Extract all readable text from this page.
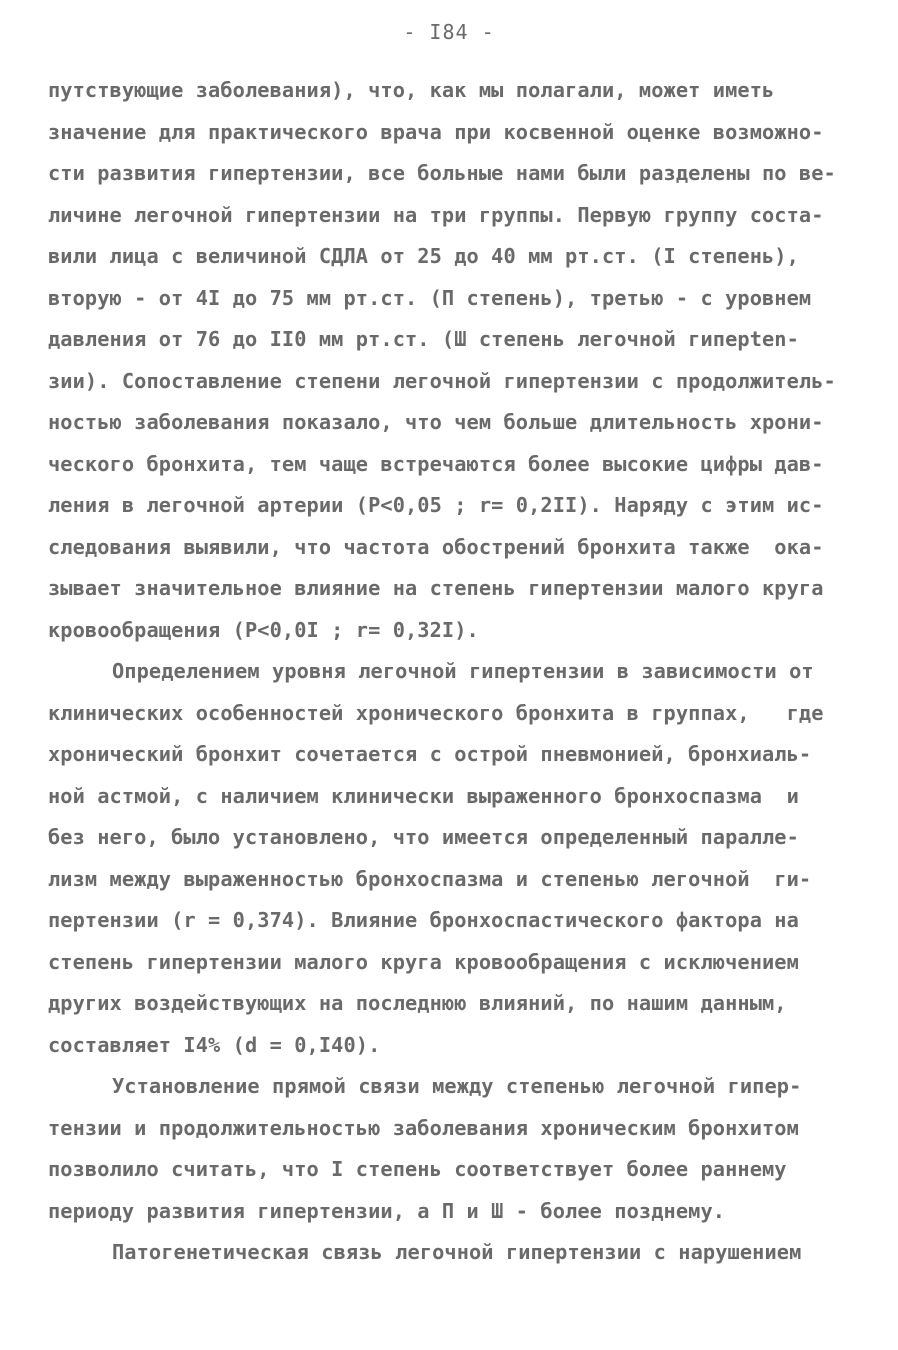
- I84 -
путствующие заболевания), что, как мы полагали, может иметь
значение для практического врача при косвенной оценке возможно-
сти развития гипертензии, все больные нами были разделены по ве-
личине легочной гипертензии на три группы. Первую группу соста-
вили лица с величиной СДЛА от 25 до 40 мм рт.ст. (I степень),
вторую - от 4I до 75 мм рт.ст. (П степень), третью - с уровнем
давления от 76 до II0 мм рт.ст. (Ш степень легочной гиперten-
зии). Сопоставление степени легочной гипертензии с продолжитель-
ностью заболевания показало, что чем больше длительность хрони-
ческого бронхита, тем чаще встречаются более высокие цифры дав-
ления в легочной артерии (P<0,05 ; r= 0,2II). Наряду с этим ис-
следования выявили, что частота обострений бронхита также  ока-
зывает значительное влияние на степень гипертензии малого круга
кровообращения (P<0,0I ; r= 0,32I).
Определением уровня легочной гипертензии в зависимости от
клинических особенностей хронического бронхита в группах,   где
хронический бронхит сочетается с острой пневмонией, бронхиаль-
ной астмой, с наличием клинически выраженного бронхоспазма  и
без него, было установлено, что имеется определенный паралле-
лизм между выраженностью бронхоспазма и степенью легочной  ги-
пертензии (r = 0,374). Влияние бронхоспастического фактора на
степень гипертензии малого круга кровообращения с исключением
других воздействующих на последнюю влияний, по нашим данным,
составляет I4% (d = 0,I40).
Установление прямой связи между степенью легочной гипер-
тензии и продолжительностью заболевания хроническим бронхитом
позволило считать, что I степень соответствует более раннему
периоду развития гипертензии, а П и Ш - более позднему.
Патогенетическая связь легочной гипертензии с нарушением
